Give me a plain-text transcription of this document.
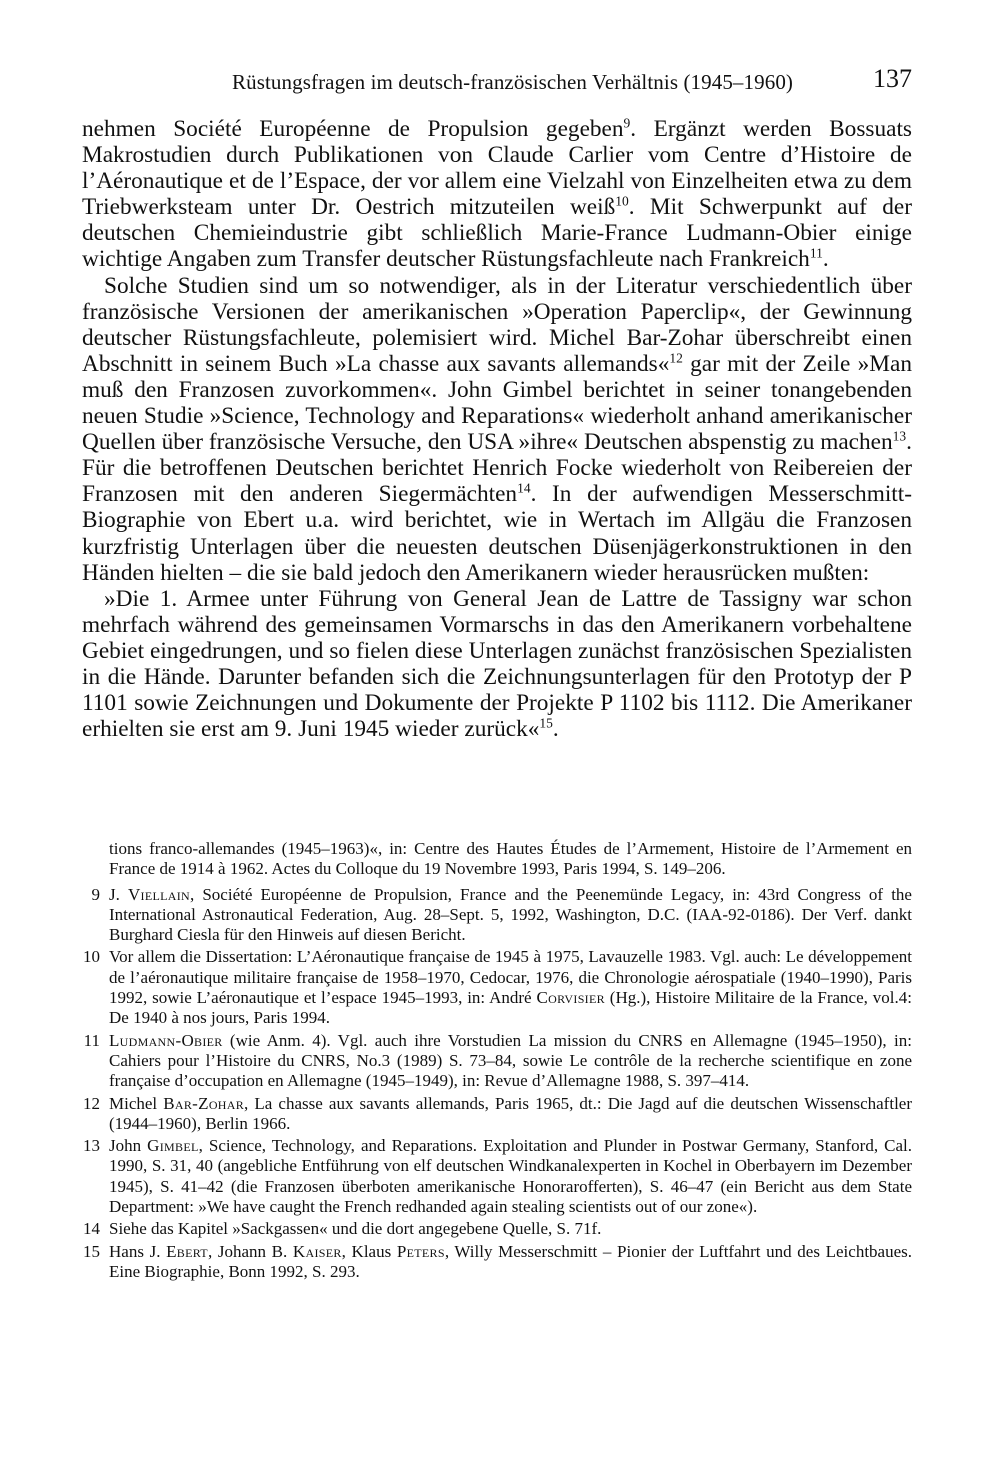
Rüstungsfragen im deutsch-französischen Verhältnis (1945–1960)	137

nehmen Société Européenne de Propulsion gegeben$^9$. Ergänzt werden Bossuats Makrostudien durch Publikationen von Claude Carlier vom Centre d’Histoire de l’Aéronautique et de l’Espace, der vor allem eine Vielzahl von Einzelheiten etwa zu dem Triebwerksteam unter Dr. Oestrich mitzuteilen weiß$^{10}$. Mit Schwerpunkt auf der deutschen Chemieindustrie gibt schließlich Marie-France Ludmann-Obier einige wichtige Angaben zum Transfer deutscher Rüstungsfachleute nach Frankreich$^{11}$.

Solche Studien sind um so notwendiger, als in der Literatur verschiedentlich über französische Versionen der amerikanischen »Operation Paperclip«, der Gewinnung deutscher Rüstungsfachleute, polemisiert wird. Michel Bar-Zohar überschreibt einen Abschnitt in seinem Buch »La chasse aux savants allemands«$^{12}$ gar mit der Zeile »Man muß den Franzosen zuvorkommen«. John Gimbel berichtet in seiner tonangebenden neuen Studie »Science, Technology and Reparations« wiederholt anhand amerikanischer Quellen über französische Versuche, den USA »ihre« Deutschen abspenstig zu machen$^{13}$. Für die betroffenen Deutschen berichtet Henrich Focke wiederholt von Reibereien der Franzosen mit den anderen Siegermächten$^{14}$. In der aufwendigen Messerschmitt-Biographie von Ebert u.a. wird berichtet, wie in Wertach im Allgäu die Franzosen kurzfristig Unterlagen über die neuesten deutschen Düsenjägerkonstruktionen in den Händen hielten – die sie bald jedoch den Amerikanern wieder herausrücken mußten:

»Die 1. Armee unter Führung von General Jean de Lattre de Tassigny war schon mehrfach während des gemeinsamen Vormarschs in das den Amerikanern vorbehaltene Gebiet eingedrungen, und so fielen diese Unterlagen zunächst französischen Spezialisten in die Hände. Darunter befanden sich die Zeichnungsunterlagen für den Prototyp der P 1101 sowie Zeichnungen und Dokumente der Projekte P 1102 bis 1112. Die Amerikaner erhielten sie erst am 9. Juni 1945 wieder zurück«$^{15}$.

tions franco-allemandes (1945–1963)«, in: Centre des Hautes Études de l’Armement, Histoire de l’Armement en France de 1914 à 1962. Actes du Colloque du 19 Novembre 1993, Paris 1994, S. 149–206.
9 J. Viellain, Société Européenne de Propulsion, France and the Peenemünde Legacy, in: 43rd Congress of the International Astronautical Federation, Aug. 28–Sept. 5, 1992, Washington, D.C. (IAA-92-0186). Der Verf. dankt Burghard Ciesla für den Hinweis auf diesen Bericht.
10 Vor allem die Dissertation: L’Aéronautique française de 1945 à 1975, Lavauzelle 1983. Vgl. auch: Le développement de l’aéronautique militaire française de 1958–1970, Cedocar, 1976, die Chronologie aérospatiale (1940–1990), Paris 1992, sowie L’aéronautique et l’espace 1945–1993, in: André Corvisier (Hg.), Histoire Militaire de la France, vol.4: De 1940 à nos jours, Paris 1994.
11 Ludmann-Obier (wie Anm. 4). Vgl. auch ihre Vorstudien La mission du CNRS en Allemagne (1945–1950), in: Cahiers pour l’Histoire du CNRS, No.3 (1989) S. 73–84, sowie Le contrôle de la recherche scientifique en zone française d’occupation en Allemagne (1945–1949), in: Revue d’Allemagne 1988, S. 397–414.
12 Michel Bar-Zohar, La chasse aux savants allemands, Paris 1965, dt.: Die Jagd auf die deutschen Wissenschaftler (1944–1960), Berlin 1966.
13 John Gimbel, Science, Technology, and Reparations. Exploitation and Plunder in Postwar Germany, Stanford, Cal. 1990, S. 31, 40 (angebliche Entführung von elf deutschen Windkanalexperten in Kochel in Oberbayern im Dezember 1945), S. 41–42 (die Franzosen überboten amerikanische Honorarofferten), S. 46–47 (ein Bericht aus dem State Department: »We have caught the French redhanded again stealing scientists out of our zone«).
14 Siehe das Kapitel »Sackgassen« und die dort angegebene Quelle, S. 71f.
15 Hans J. Ebert, Johann B. Kaiser, Klaus Peters, Willy Messerschmitt – Pionier der Luftfahrt und des Leichtbaues. Eine Biographie, Bonn 1992, S. 293.
